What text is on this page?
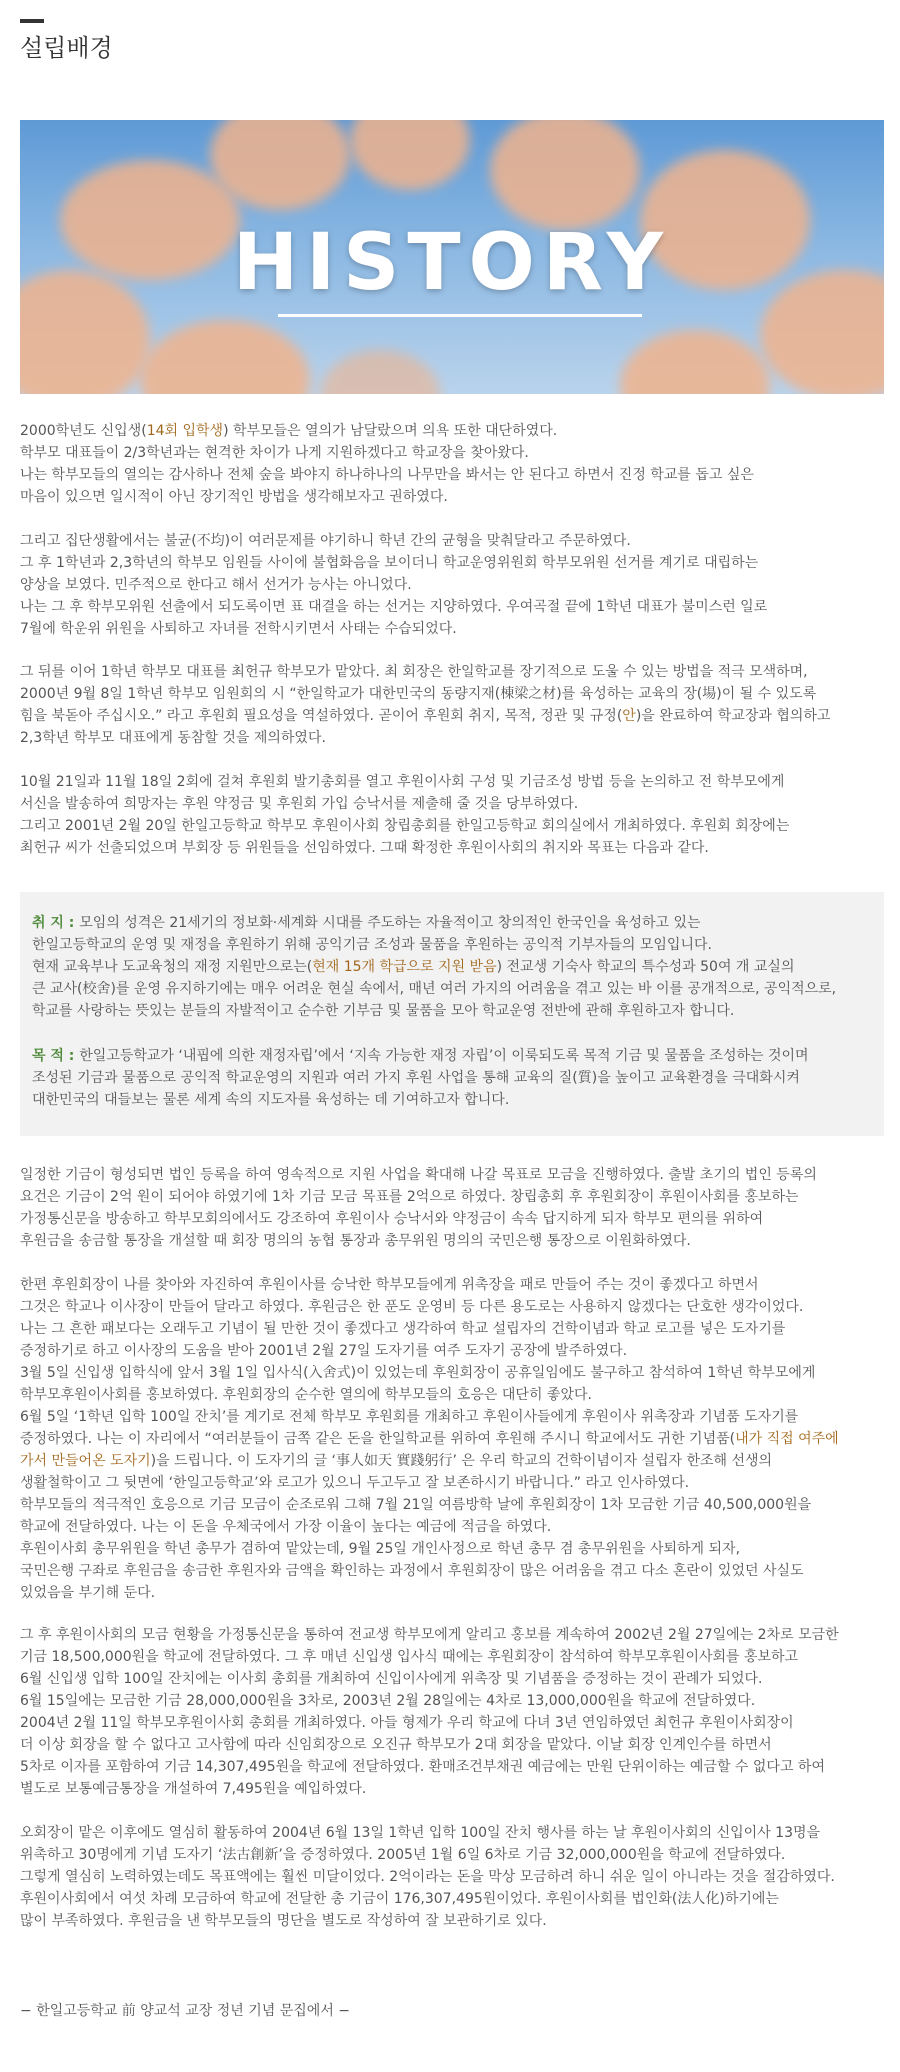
설립배경
HISTORY

2000학년도 신입생(14회 입학생) 학부모들은 열의가 남달랐으며 의욕 또한 대단하였다.

학부모 대표들이 2/3학년과는 현격한 차이가 나게 지원하겠다고 학교장을 찾아왔다.

나는 학부모들의 열의는 감사하나 전체 숲을 봐야지 하나하나의 나무만을 봐서는 안 된다고 하면서 진정 학교를 돕고 싶은

마음이 있으면 일시적이 아닌 장기적인 방법을 생각해보자고 권하였다.

그리고 집단생활에서는 불균(不均)이 여러문제를 야기하니 학년 간의 균형을 맞춰달라고 주문하였다.

그 후 1학년과 2,3학년의 학부모 임원들 사이에 불협화음을 보이더니 학교운영위원회 학부모위원 선거를 계기로 대립하는

양상을 보였다. 민주적으로 한다고 해서 선거가 능사는 아니었다.

나는 그 후 학부모위원 선출에서 되도록이면 표 대결을 하는 선거는 지양하였다. 우여곡절 끝에 1학년 대표가 불미스런 일로

7월에 학운위 위원을 사퇴하고 자녀를 전학시키면서 사태는 수습되었다.

그 뒤를 이어 1학년 학부모 대표를 최헌규 학부모가 맡았다. 최 회장은 한일학교를 장기적으로 도울 수 있는 방법을 적극 모색하며,

2000년 9월 8일 1학년 학부모 임원회의 시 “한일학교가 대한민국의 동량지재(棟梁之材)를 육성하는 교육의 장(場)이 될 수 있도록

힘을 북돋아 주십시오.” 라고 후원회 필요성을 역설하였다. 곧이어 후원회 취지, 목적, 정관 및 규정(안)을 완료하여 학교장과 협의하고

2,3학년 학부모 대표에게 동참할 것을 제의하였다.

10월 21일과 11월 18일 2회에 걸쳐 후원회 발기총회를 열고 후원이사회 구성 및 기금조성 방법 등을 논의하고 전 학부모에게

서신을 발송하여 희망자는 후원 약정금 및 후원회 가입 승낙서를 제출해 줄 것을 당부하였다.

그리고 2001년 2월 20일 한일고등학교 학부모 후원이사회 창립총회를 한일고등학교 회의실에서 개최하였다. 후원회 회장에는

최헌규 씨가 선출되었으며 부회장 등 위원들을 선임하였다. 그때 확정한 후원이사회의 취지와 목표는 다음과 같다.

취 지 : 모임의 성격은 21세기의 정보화·세계화 시대를 주도하는 자율적이고 창의적인 한국인을 육성하고 있는

한일고등학교의 운영 및 재정을 후원하기 위해 공익기금 조성과 물품을 후원하는 공익적 기부자들의 모임입니다.

현재 교육부나 도교육청의 재정 지원만으로는(현재 15개 학급으로 지원 받음) 전교생 기숙사 학교의 특수성과 50여 개 교실의

큰 교사(校舍)를 운영 유지하기에는 매우 어려운 현실 속에서, 매년 여러 가지의 어려움을 겪고 있는 바 이를 공개적으로, 공익적으로,

학교를 사랑하는 뜻있는 분들의 자발적이고 순수한 기부금 및 물품을 모아 학교운영 전반에 관해 후원하고자 합니다.

목 적 : 한일고등학교가 ‘내핍에 의한 재정자립’에서 ‘지속 가능한 재정 자립’이 이룩되도록 목적 기금 및 물품을 조성하는 것이며

조성된 기금과 물품으로 공익적 학교운영의 지원과 여러 가지 후원 사업을 통해 교육의 질(質)을 높이고 교육환경을 극대화시켜

대한민국의 대들보는 물론 세계 속의 지도자를 육성하는 데 기여하고자 합니다.

일정한 기금이 형성되면 법인 등록을 하여 영속적으로 지원 사업을 확대해 나갈 목표로 모금을 진행하였다. 출발 초기의 법인 등록의

요건은 기금이 2억 원이 되어야 하였기에 1차 기금 모금 목표를 2억으로 하였다. 창립총회 후 후원회장이 후원이사회를 홍보하는

가정통신문을 방송하고 학부모회의에서도 강조하여 후원이사 승낙서와 약정금이 속속 답지하게 되자 학부모 편의를 위하여

후원금을 송금할 통장을 개설할 때 회장 명의의 농협 통장과 총무위원 명의의 국민은행 통장으로 이원화하였다.

한편 후원회장이 나를 찾아와 자진하여 후원이사를 승낙한 학부모들에게 위촉장을 패로 만들어 주는 것이 좋겠다고 하면서

그것은 학교나 이사장이 만들어 달라고 하였다. 후원금은 한 푼도 운영비 등 다른 용도로는 사용하지 않겠다는 단호한 생각이었다.

나는 그 흔한 패보다는 오래두고 기념이 될 만한 것이 좋겠다고 생각하여 학교 설립자의 건학이념과 학교 로고를 넣은 도자기를

증정하기로 하고 이사장의 도움을 받아 2001년 2월 27일 도자기를 여주 도자기 공장에 발주하였다.

3월 5일 신입생 입학식에 앞서 3월 1일 입사식(入舍式)이 있었는데 후원회장이 공휴일임에도 불구하고 참석하여 1학년 학부모에게

학부모후원이사회를 홍보하였다. 후원회장의 순수한 열의에 학부모들의 호응은 대단히 좋았다.

6월 5일 ‘1학년 입학 100일 잔치’를 계기로 전체 학부모 후원회를 개최하고 후원이사들에게 후원이사 위촉장과 기념품 도자기를

증정하였다. 나는 이 자리에서 “여러분들이 금쪽 같은 돈을 한일학교를 위하여 후원해 주시니 학교에서도 귀한 기념품(내가 직접 여주에

가서 만들어온 도자기)을 드립니다. 이 도자기의 글 ‘事人如天 實踐躬行’ 은 우리 학교의 건학이념이자 설립자 한조해 선생의

생활철학이고 그 뒷면에 ‘한일고등학교’와 로고가 있으니 두고두고 잘 보존하시기 바랍니다.” 라고 인사하였다.

학부모들의 적극적인 호응으로 기금 모금이 순조로워 그해 7월 21일 여름방학 날에 후원회장이 1차 모금한 기금 40,500,000원을

학교에 전달하였다. 나는 이 돈을 우체국에서 가장 이율이 높다는 예금에 적금을 하였다.

후원이사회 총무위원을 학년 총무가 겸하여 맡았는데, 9월 25일 개인사정으로 학년 총무 겸 총무위원을 사퇴하게 되자,

국민은행 구좌로 후원금을 송금한 후원자와 금액을 확인하는 과정에서 후원회장이 많은 어려움을 겪고 다소 혼란이 있었던 사실도

있었음을 부기해 둔다.

그 후 후원이사회의 모금 현황을 가정통신문을 통하여 전교생 학부모에게 알리고 홍보를 계속하여 2002년 2월 27일에는 2차로 모금한

기금 18,500,000원을 학교에 전달하였다. 그 후 매년 신입생 입사식 때에는 후원회장이 참석하여 학부모후원이사회를 홍보하고

6월 신입생 입학 100일 잔치에는 이사회 총회를 개최하여 신입이사에게 위촉장 및 기념품을 증정하는 것이 관례가 되었다.

6월 15일에는 모금한 기금 28,000,000원을 3차로, 2003년 2월 28일에는 4차로 13,000,000원을 학교에 전달하였다.

2004년 2월 11일 학부모후원이사회 총회를 개최하였다. 아들 형제가 우리 학교에 다녀 3년 연임하였던 최헌규 후원이사회장이

더 이상 회장을 할 수 없다고 고사함에 따라 신임회장으로 오진규 학부모가 2대 회장을 맡았다. 이날 회장 인계인수를 하면서

5차로 이자를 포함하여 기금 14,307,495원을 학교에 전달하였다. 환매조건부채권 예금에는 만원 단위이하는 예금할 수 없다고 하여

별도로 보통예금통장을 개설하여 7,495원을 예입하였다.

오회장이 맡은 이후에도 열심히 활동하여 2004년 6월 13일 1학년 입학 100일 잔치 행사를 하는 날 후원이사회의 신입이사 13명을

위촉하고 30명에게 기념 도자기 ‘法古創新’을 증정하였다. 2005년 1월 6일 6차로 기금 32,000,000원을 학교에 전달하였다.

그렇게 열심히 노력하였는데도 목표액에는 훨씬 미달이었다. 2억이라는 돈을 막상 모금하려 하니 쉬운 일이 아니라는 것을 절감하였다.

후원이사회에서 여섯 차례 모금하여 학교에 전달한 총 기금이 176,307,495원이었다. 후원이사회를 법인화(法人化)하기에는

많이 부족하였다. 후원금을 낸 학부모들의 명단을 별도로 작성하여 잘 보관하기로 있다.

− 한일고등학교 前 양교석 교장 정년 기념 문집에서 −
